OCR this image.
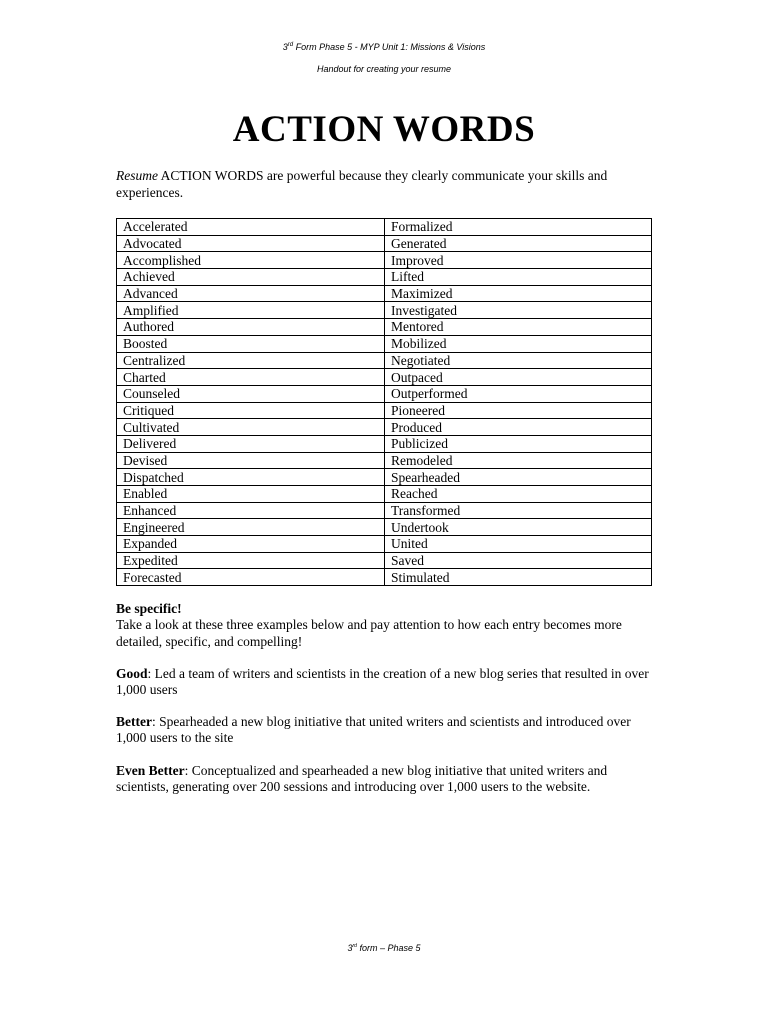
3rd Form Phase 5 - MYP Unit 1: Missions & Visions
Handout for creating your resume
ACTION WORDS
Resume ACTION WORDS are powerful because they clearly communicate your skills and experiences.
Accelerated	Formalized
Advocated	Generated
Accomplished	Improved
Achieved	Lifted
Advanced	Maximized
Amplified	Investigated
Authored	Mentored
Boosted	Mobilized
Centralized	Negotiated
Charted	Outpaced
Counseled	Outperformed
Critiqued	Pioneered
Cultivated	Produced
Delivered	Publicized
Devised	Remodeled
Dispatched	Spearheaded
Enabled	Reached
Enhanced	Transformed
Engineered	Undertook
Expanded	United
Expedited	Saved
Forecasted	Stimulated
Be specific!
Take a look at these three examples below and pay attention to how each entry becomes more detailed, specific, and compelling!
Good: Led a team of writers and scientists in the creation of a new blog series that resulted in over 1,000 users
Better: Spearheaded a new blog initiative that united writers and scientists and introduced over 1,000 users to the site
Even Better: Conceptualized and spearheaded a new blog initiative that united writers and scientists, generating over 200 sessions and introducing over 1,000 users to the website.
3rd form – Phase 5
